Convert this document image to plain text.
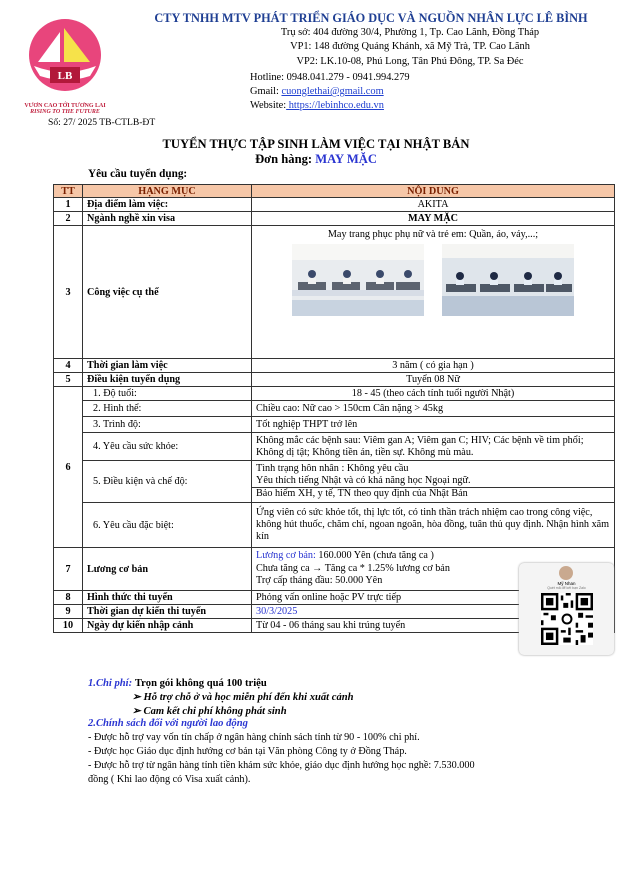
LB
VƯƠN CAO TỚI TƯƠNG LAI
RISING TO THE FUTURE
CTY TNHH MTV PHÁT TRIỂN GIÁO DỤC VÀ NGUỒN NHÂN LỰC LÊ BÌNH
Trụ sở: 404 đường 30/4, Phường 1, Tp. Cao Lãnh, Đồng Tháp
VP1: 148 đường Quảng Khánh, xã Mỹ Trà, TP. Cao Lãnh
VP2: LK.10-08, Phú Long, Tân Phú Đông, TP. Sa Đéc
Hotline: 0948.041.279 - 0941.994.279
Gmail: cuonglethai@gmail.com
Website: https://lebinhco.edu.vn
Số: 27/ 2025 TB-CTLB-ĐT
TUYỂN THỰC TẬP SINH LÀM VIỆC TẠI NHẬT BẢN
Đơn hàng: MAY MẶC
Yêu cầu tuyển dụng:
TT	HẠNG MỤC	NỘI DUNG
1	Địa điểm làm việc:	AKITA
2	Ngành nghề xin visa	MAY MẶC
3	Công việc cụ thể	May trang phục phụ nữ và trẻ em: Quần, áo, váy,...;

4	Thời gian làm việc	3 năm ( có gia hạn )
5	Điều kiện tuyển dụng	Tuyển 08 Nữ
6	1. Độ tuổi:	18 - 45 (theo cách tính tuổi người Nhật)
	2. Hình thể:	Chiều cao: Nữ cao > 150cm Cân nặng > 45kg
	3. Trình độ:	Tốt nghiệp THPT trở lên
	4. Yêu cầu sức khỏe:	Không mắc các bệnh sau: Viêm gan A; Viêm gan C; HIV; Các bệnh về tim phổi; Không dị tật; Không tiền án, tiền sự. Không mù màu.
	5. Điều kiện và chế độ:	Tình trạng hôn nhân : Không yêu cầu
Yêu thích tiếng Nhật và có khả năng học Ngoại ngữ.
Bảo hiểm XH, y tế, TN theo quy định của Nhật Bản

	6. Yêu cầu đặc biệt:	Ứng viên có sức khỏe tốt, thị lực tốt, có tinh thần trách nhiệm cao trong công việc, không hút thuốc, chăm chỉ, ngoan ngoãn, hòa đồng, tuân thủ quy định. Nhận hình xăm kín
7	Lương cơ bản	Lương cơ bản: 160.000 Yên (chưa tăng ca )
Chưa tăng ca → Tăng ca * 1.25% lương cơ bản
Trợ cấp tháng đầu: 50.000 Yên

8	Hình thức thi tuyển	Phỏng vấn online hoặc PV trực tiếp
9	Thời gian dự kiến thi tuyển	30/3/2025
10	Ngày dự kiến nhập cảnh	Từ 04 - 06 tháng sau khi trúng tuyển
Mỹ Nhan
Quét mã để kết bạn Zalo
1.Chi phí: Trọn gói không quá 100 triệu
➢ Hỗ trợ chỗ ở và học miễn phí đến khi xuất cảnh
➢ Cam kết chi phí không phát sinh
2.Chính sách đối với người lao động
- Được hỗ trợ vay vốn tín chấp ở ngân hàng chính sách tỉnh từ 90 - 100% chi phí.
- Được học Giáo dục định hướng cơ bản tại Văn phòng Công ty ở Đồng Tháp.
- Được hỗ trợ từ ngân hàng tỉnh tiền khám sức khỏe, giáo dục định hướng học nghề: 7.530.000
đồng ( Khi lao động có Visa xuất cảnh).
